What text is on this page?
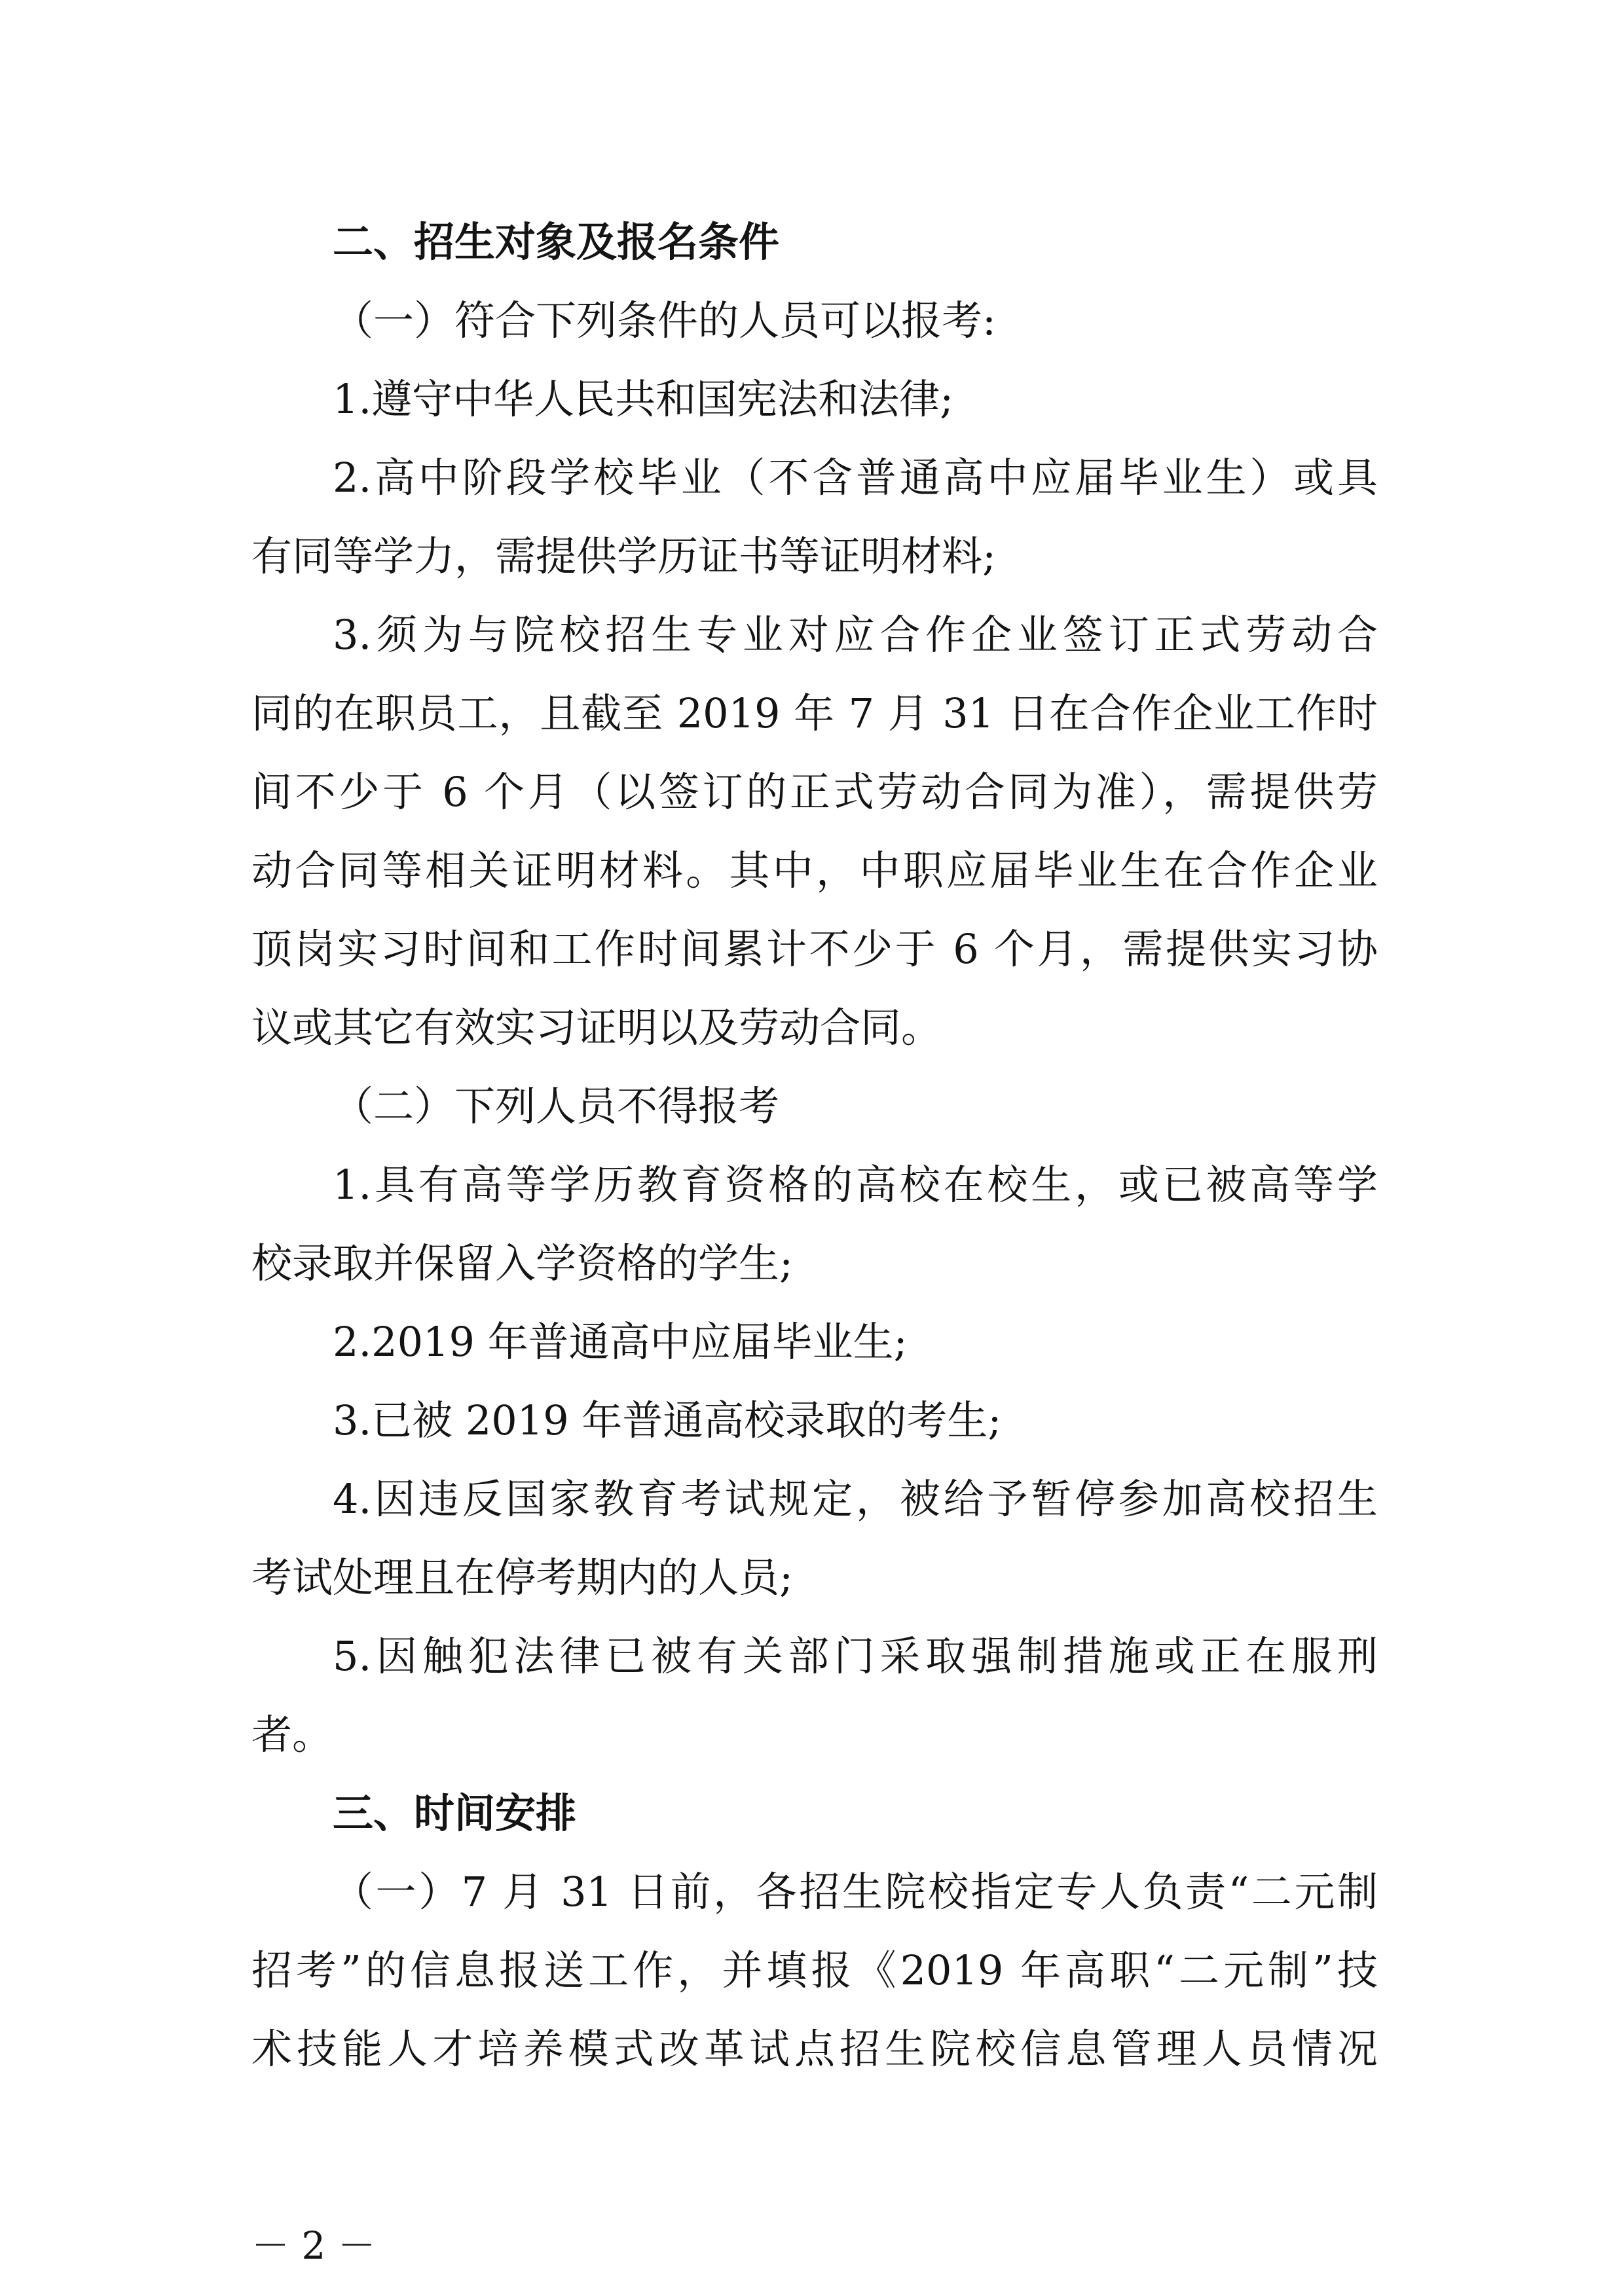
二、招生对象及报名条件
（一）符合下列条件的人员可以报考:
1.遵守中华人民共和国宪法和法律;
2.高中阶段学校毕业（不含普通高中应届毕业生）或具
有同等学力，需提供学历证书等证明材料;
3.须为与院校招生专业对应合作企业签订正式劳动合
同的在职员工，且截至 2019 年 7 月 31 日在合作企业工作时
间不少于 6 个月（以签订的正式劳动合同为准），需提供劳
动合同等相关证明材料。其中，中职应届毕业生在合作企业
顶岗实习时间和工作时间累计不少于 6 个月，需提供实习协
议或其它有效实习证明以及劳动合同。
（二）下列人员不得报考
1.具有高等学历教育资格的高校在校生，或已被高等学
校录取并保留入学资格的学生;
2.2019 年普通高中应届毕业生;
3.已被 2019 年普通高校录取的考生;
4.因违反国家教育考试规定，被给予暂停参加高校招生
考试处理且在停考期内的人员;
5.因触犯法律已被有关部门采取强制措施或正在服刑
者。
三、时间安排
（一）7 月 31 日前，各招生院校指定专人负责“二元制
招考”的信息报送工作，并填报《2019 年高职“二元制”技
术技能人才培养模式改革试点招生院校信息管理人员情况
－ 2 －
